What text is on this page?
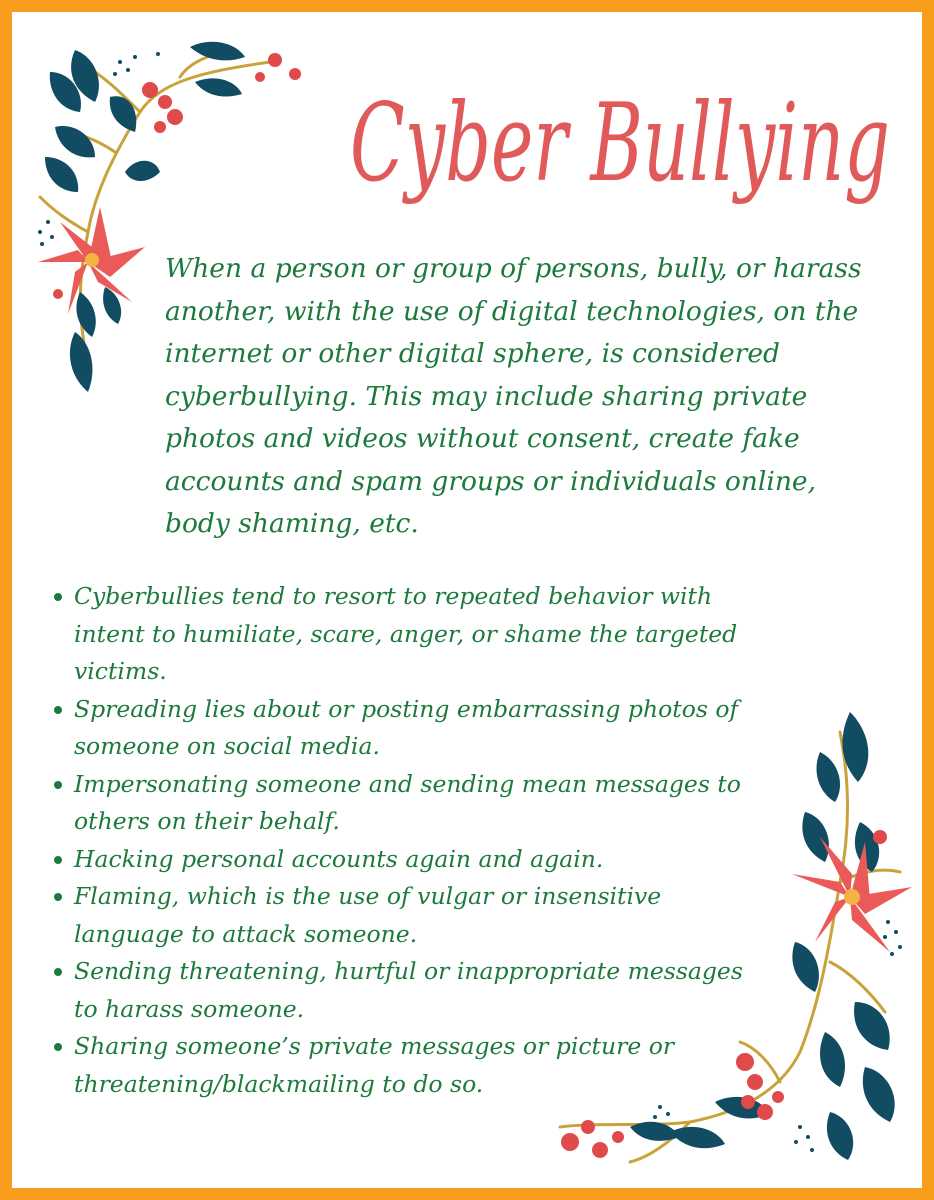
Cyber Bullying

When a person or group of persons, bully, or harass another, with the use of digital technologies, on the internet or other digital sphere, is considered cyberbullying. This may include sharing private photos and videos without consent, create fake accounts and spam groups or individuals online, body shaming, etc.

Cyberbullies tend to resort to repeated behavior with intent to humiliate, scare, anger, or shame the targeted victims.
Spreading lies about or posting embarrassing photos of someone on social media.
Impersonating someone and sending mean messages to others on their behalf.
Hacking personal accounts again and again.
Flaming, which is the use of vulgar or insensitive language to attack someone.
Sending threatening, hurtful or inappropriate messages to harass someone.
Sharing someone’s private messages or picture or threatening/blackmailing to do so.
